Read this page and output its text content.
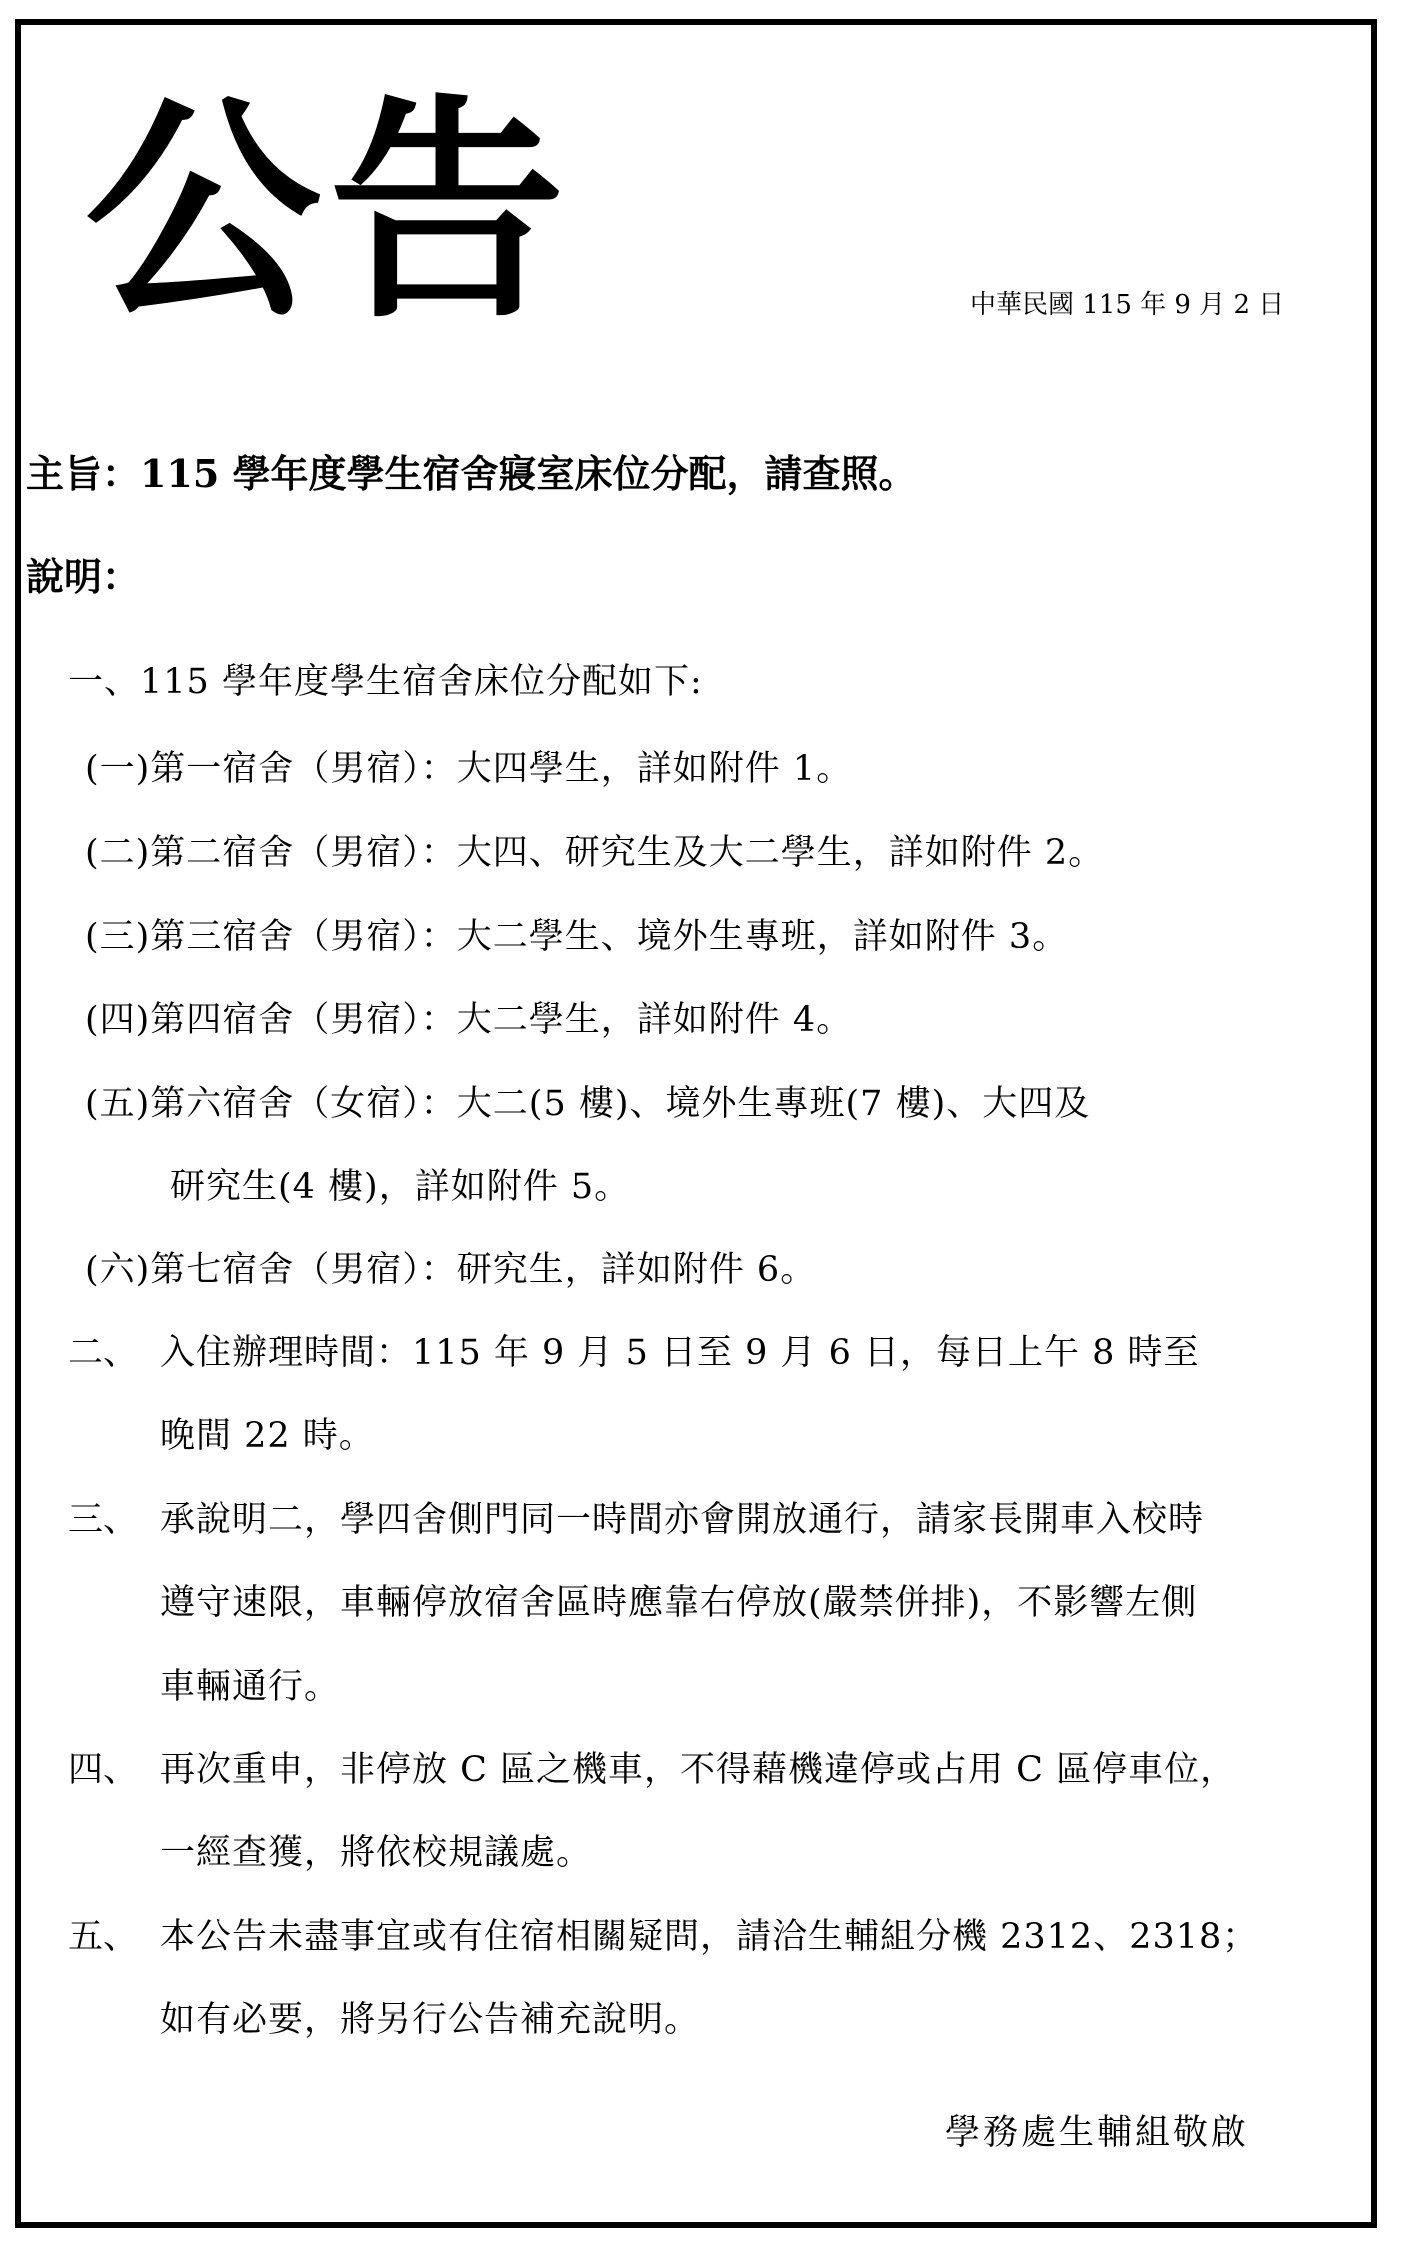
公告	中華民國 115 年 9 月 2 日
主旨：115 學年度學生宿舍寢室床位分配，請查照。
說明：
一、115 學年度學生宿舍床位分配如下:
(一)第一宿舍（男宿）：大四學生，詳如附件 1。
(二)第二宿舍（男宿）：大四、研究生及大二學生，詳如附件 2。
(三)第三宿舍（男宿）：大二學生、境外生專班，詳如附件 3。
(四)第四宿舍（男宿）：大二學生，詳如附件 4。
(五)第六宿舍（女宿）：大二(5 樓)、境外生專班(7 樓)、大四及
研究生(4 樓)，詳如附件 5。
(六)第七宿舍（男宿）：研究生，詳如附件 6。
二、 入住辦理時間：115 年 9 月 5 日至 9 月 6 日，每日上午 8 時至
晚間 22 時。
三、 承說明二，學四舍側門同一時間亦會開放通行，請家長開車入校時
遵守速限，車輛停放宿舍區時應靠右停放(嚴禁併排)，不影響左側
車輛通行。
四、 再次重申，非停放 C 區之機車，不得藉機違停或占用 C 區停車位，
一經查獲，將依校規議處。
五、 本公告未盡事宜或有住宿相關疑問，請洽生輔組分機 2312、2318；
如有必要，將另行公告補充說明。
學務處生輔組敬啟
